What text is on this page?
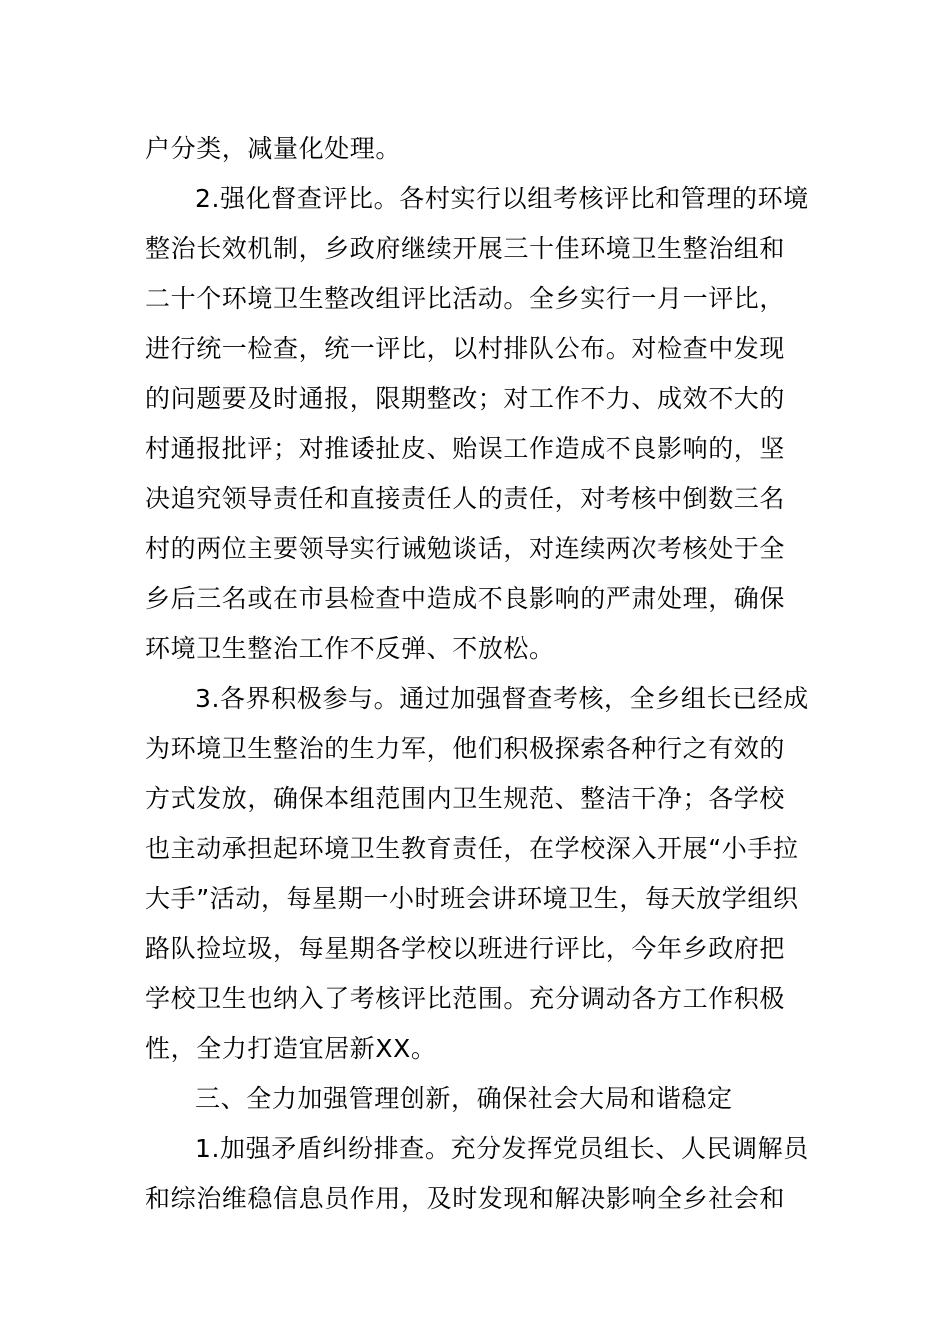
户分类，减量化处理。
2.强化督查评比。各村实行以组考核评比和管理的环境
整治长效机制，乡政府继续开展三十佳环境卫生整治组和
二十个环境卫生整改组评比活动。全乡实行一月一评比，
进行统一检查，统一评比，以村排队公布。对检查中发现
的问题要及时通报，限期整改；对工作不力、成效不大的
村通报批评；对推诿扯皮、贻误工作造成不良影响的，坚
决追究领导责任和直接责任人的责任，对考核中倒数三名
村的两位主要领导实行诫勉谈话，对连续两次考核处于全
乡后三名或在市县检查中造成不良影响的严肃处理，确保
环境卫生整治工作不反弹、不放松。
3.各界积极参与。通过加强督查考核，全乡组长已经成
为环境卫生整治的生力军，他们积极探索各种行之有效的
方式发放，确保本组范围内卫生规范、整洁干净；各学校
也主动承担起环境卫生教育责任，在学校深入开展“小手拉
大手”活动，每星期一小时班会讲环境卫生，每天放学组织
路队捡垃圾，每星期各学校以班进行评比，今年乡政府把
学校卫生也纳入了考核评比范围。充分调动各方工作积极
性，全力打造宜居新XX。
三、全力加强管理创新，确保社会大局和谐稳定
1.加强矛盾纠纷排查。充分发挥党员组长、人民调解员
和综治维稳信息员作用，及时发现和解决影响全乡社会和
